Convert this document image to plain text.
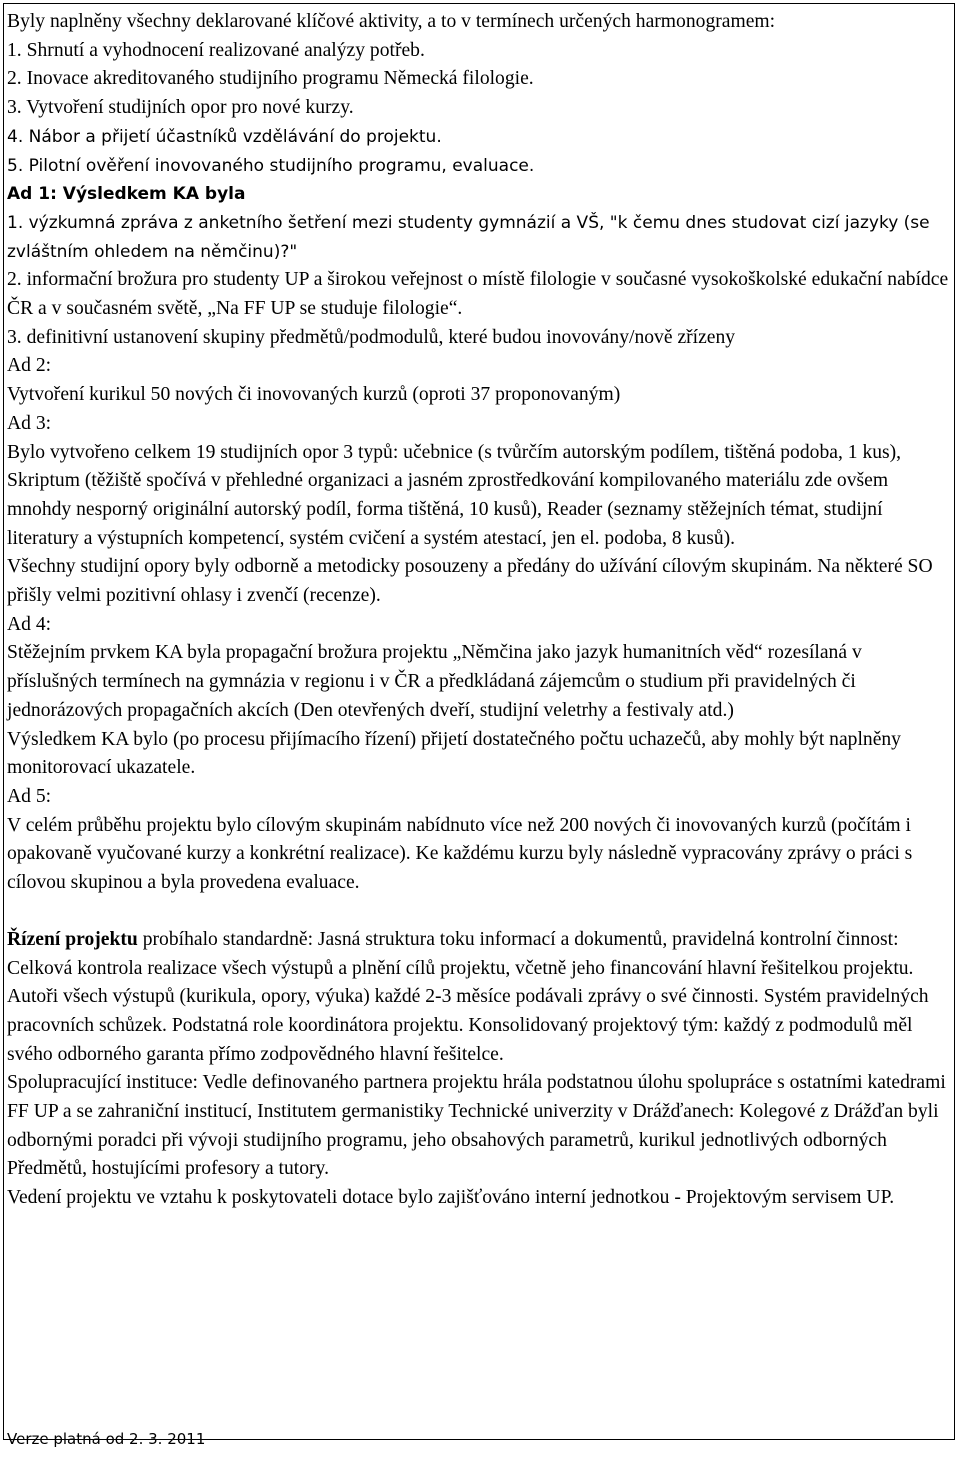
Byly naplněny všechny deklarované klíčové aktivity, a to v termínech určených harmonogramem:

1. Shrnutí a vyhodnocení realizované analýzy potřeb.

2. Inovace akreditovaného studijního programu Německá filologie.

3. Vytvoření studijních opor pro nové kurzy.

4. Nábor a přijetí účastníků vzdělávání do projektu.

5. Pilotní ověření inovovaného studijního programu, evaluace.

Ad 1: Výsledkem KA byla

1. výzkumná zpráva z anketního šetření mezi studenty gymnázií a VŠ, "k čemu dnes studovat cizí jazyky (se zvláštním ohledem na němčinu)?"

2. informační brožura pro studenty UP a širokou veřejnost o místě filologie v současné vysokoškolské edukační nabídce ČR a v současném světě, „Na FF UP se studuje filologie“.

3. definitivní ustanovení skupiny předmětů/podmodulů, které budou inovovány/nově zřízeny

Ad 2:

Vytvoření kurikul 50 nových či inovovaných kurzů (oproti 37 proponovaným)

Ad 3:

Bylo vytvořeno celkem 19 studijních opor 3 typů: učebnice (s tvůrčím autorským podílem, tištěná podoba, 1 kus), Skriptum (těžiště spočívá v přehledné organizaci a jasném zprostředkování kompilovaného materiálu zde ovšem mnohdy nesporný originální autorský podíl, forma tištěná, 10 kusů), Reader (seznamy stěžejních témat, studijní literatury a výstupních kompetencí, systém cvičení a systém atestací, jen el. podoba, 8 kusů).

Všechny studijní opory byly odborně a metodicky posouzeny a předány do užívání cílovým skupinám. Na některé SO přišly velmi pozitivní ohlasy i zvenčí (recenze).

Ad 4:

Stěžejním prvkem KA byla propagační brožura projektu „Němčina jako jazyk humanitních věd“ rozesílaná v příslušných termínech na gymnázia v regionu i v ČR a předkládaná zájemcům o studium při pravidelných či jednorázových propagačních akcích (Den otevřených dveří, studijní veletrhy a festivaly atd.)

Výsledkem KA bylo (po procesu přijímacího řízení) přijetí dostatečného počtu uchazečů, aby mohly být naplněny monitorovací ukazatele.

Ad 5:

V celém průběhu projektu bylo cílovým skupinám nabídnuto více než 200 nových či inovovaných kurzů (počítám i opakovaně vyučované kurzy a konkrétní realizace). Ke každému kurzu byly následně vypracovány zprávy o práci s cílovou skupinou a byla provedena evaluace.

Řízení projektu probíhalo standardně: Jasná struktura toku informací a dokumentů, pravidelná kontrolní činnost: Celková kontrola realizace všech výstupů a plnění cílů projektu, včetně jeho financování hlavní řešitelkou projektu. Autoři všech výstupů (kurikula, opory, výuka) každé 2-3 měsíce podávali zprávy o své činnosti. Systém pravidelných pracovních schůzek. Podstatná role koordinátora projektu. Konsolidovaný projektový tým: každý z podmodulů měl svého odborného garanta přímo zodpovědného hlavní řešitelce.

Spolupracující instituce: Vedle definovaného partnera projektu hrála podstatnou úlohu spolupráce s ostatními katedrami FF UP a se zahraniční institucí, Institutem germanistiky Technické univerzity v Drážďanech: Kolegové z Drážďan byli odbornými poradci při vývoji studijního programu, jeho obsahových parametrů, kurikul jednotlivých odborných Předmětů, hostujícími profesory a tutory.

Vedení projektu ve vztahu k poskytovateli dotace bylo zajišťováno interní jednotkou - Projektovým servisem UP.

Verze platná od 2. 3. 2011
